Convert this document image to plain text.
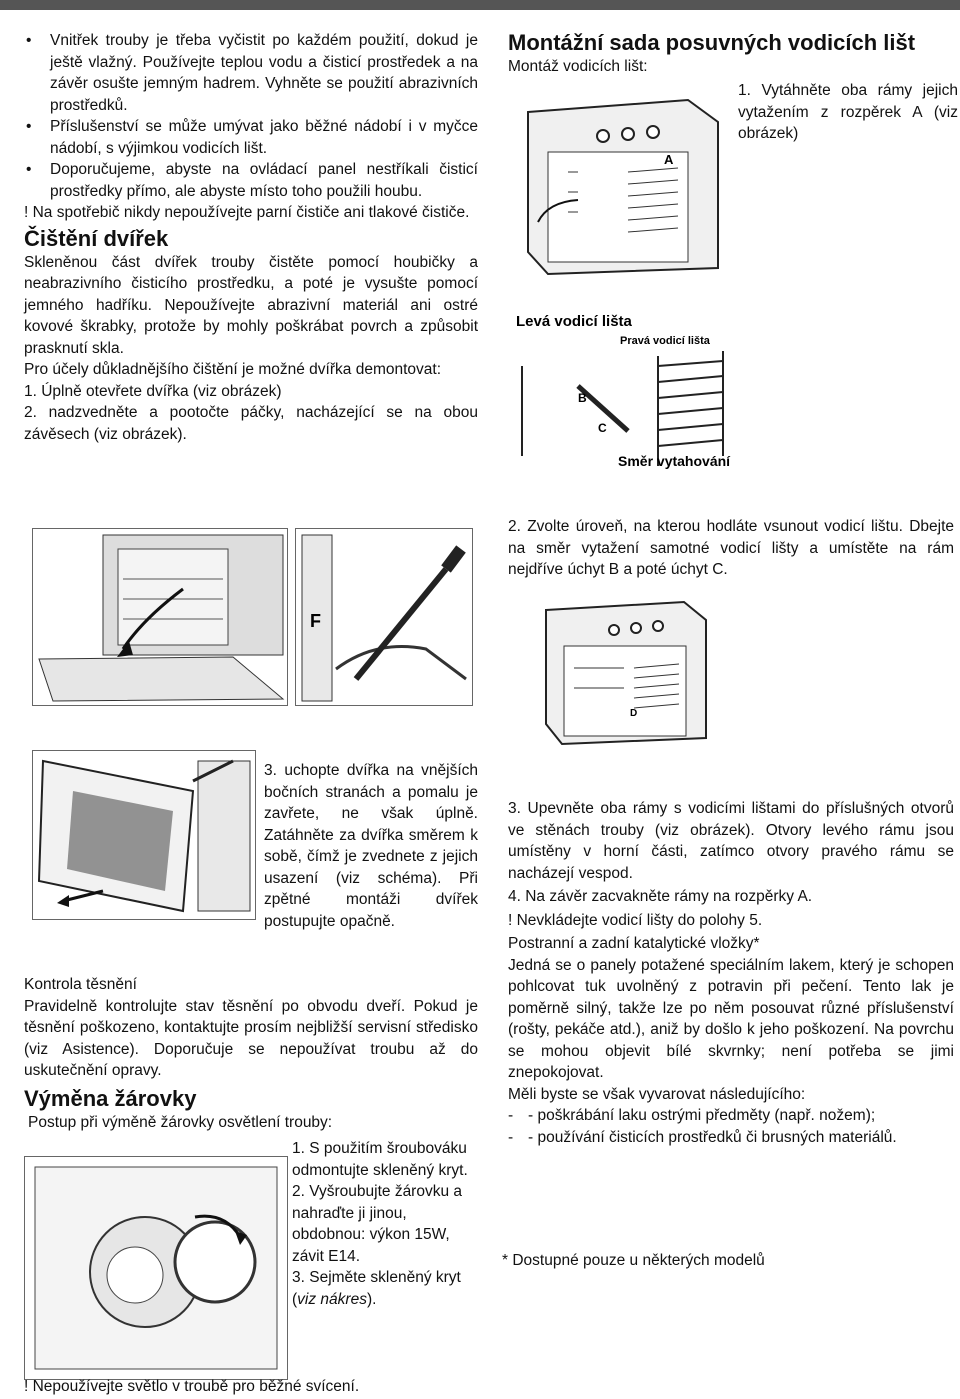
• Vnitřek trouby je třeba vyčistit po každém použití, dokud je ještě vlažný. Používejte teplou vodu a čisticí prostředek a na závěr osušte jemným hadrem. Vyhněte se použití abrazivních prostředků.

• Příslušenství se může umývat jako běžné nádobí i v myčce nádobí, s výjimkou vodicích lišt.

• Doporučujeme, abyste na ovládací panel nestříkali čisticí prostředky přímo, ale abyste místo toho použili houbu.

! Na spotřebič nikdy nepoužívejte parní čističe ani tlakové čističe.

Čištění dvířek

Skleněnou část dvířek trouby čistěte pomocí houbičky a neabrazivního čisticího prostředku, a poté je vysušte pomocí jemného hadříku. Nepoužívejte abrazivní materiál ani ostré kovové škrabky, protože by mohly poškrábat povrch a způsobit prasknutí skla.

Pro účely důkladnějšího čištění je možné dvířka demontovat:

1. Úplně otevřete dvířka (viz obrázek)

2. nadzvedněte a pootočte páčky, nacházející se na obou závěsech (viz obrázek).

F

3. uchopte dvířka na vnějších bočních stranách a pomalu je zavřete, ne však úplně. Zatáhněte za dvířka směrem k sobě, čímž je zvednete z jejich usazení (viz schéma). Při zpětné montáži dvířek postupujte opačně.

Kontrola těsnění

Pravidelně kontrolujte stav těsnění po obvodu dveří. Pokud je těsnění poškozeno, kontaktujte prosím nejbližší servisní středisko (viz Asistence). Doporučuje se nepoužívat troubu až do uskutečnění opravy.

Výměna žárovky

Postup při výměně žárovky osvětlení trouby:

1. S použitím šroubováku odmontujte skleněný kryt.

2. Vyšroubujte žárovku a nahraďte ji jinou, obdobnou: výkon 15W, závit E14.

3. Sejměte skleněný kryt (viz nákres).

! Nepoužívejte světlo v troubě pro běžné svícení.

Montážní sada posuvných vodicích lišt

Montáž vodicích lišt:

A

1. Vytáhněte oba rámy jejich vytažením z rozpěrek A (viz obrázek)

Levá vodicí lišta
Pravá vodicí lišta
B
C
Směr vytahování

2. Zvolte úroveň, na kterou hodláte vsunout vodicí lištu. Dbejte na směr vytažení samotné vodicí lišty a umístěte na rám nejdříve úchyt B a poté úchyt C.

D

3. Upevněte oba rámy s vodicími lištami do příslušných otvorů ve stěnách trouby (viz obrázek). Otvory levého rámu jsou umístěny v horní části, zatímco otvory pravého rámu se nacházejí vespod.

4. Na závěr zacvakněte rámy na rozpěrky A.

! Nevkládejte vodicí lišty do polohy 5.

Postranní a zadní katalytické vložky*

Jedná se o panely potažené speciálním lakem, který je schopen pohlcovat tuk uvolněný z potravin při pečení. Tento lak je poměrně silný, takže lze po něm posouvat různé příslušenství (rošty, pekáče atd.), aniž by došlo k jeho poškození. Na povrchu se mohou objevit bílé skvrnky; není potřeba se jimi znepokojovat.

Měli byste se však vyvarovat následujícího:

- - poškrábání laku ostrými předměty (např. nožem);

- - používání čisticích prostředků či brusných materiálů.

* Dostupné pouze u některých modelů
